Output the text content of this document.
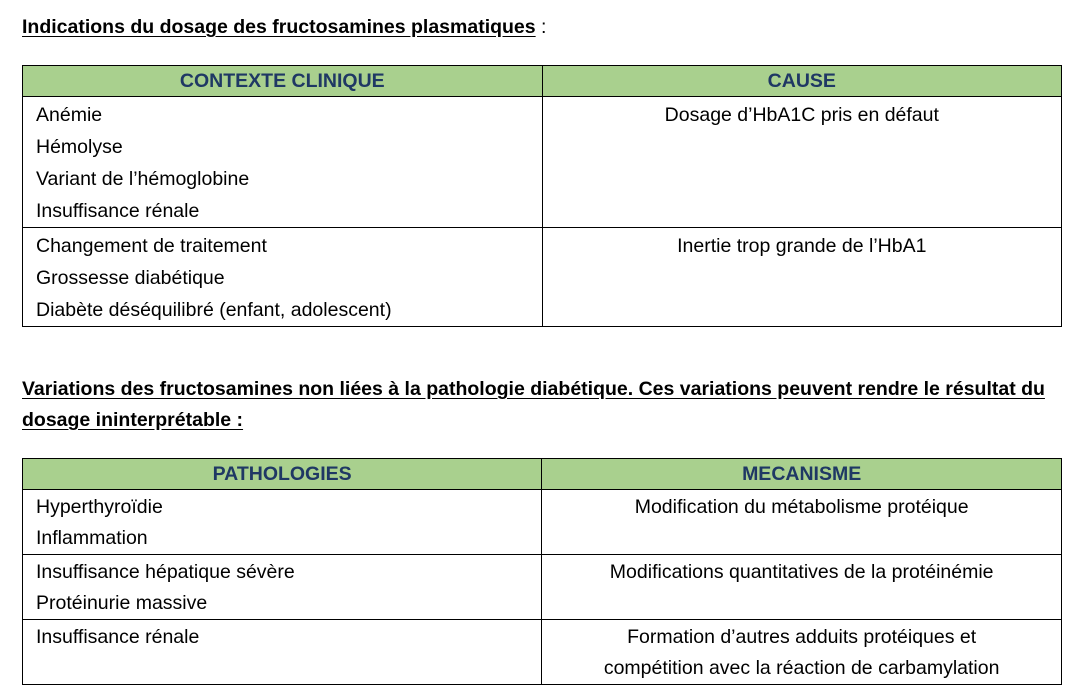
Indications du dosage des fructosamines plasmatiques :
CONTEXTE CLINIQUE	CAUSE

Anémie
Hémolyse
Variant de l’hémoglobine
Insuffisance rénale	Dosage d’HbA1C pris en défaut

Changement de traitement
Grossesse diabétique
Diabète déséquilibré (enfant, adolescent)	Inertie trop grande de l’HbA1
Variations des fructosamines non liées à la pathologie diabétique. Ces variations peuvent rendre le résultat du dosage ininterprétable :
PATHOLOGIES	MECANISME

Hyperthyroïdie
Inflammation	Modification du métabolisme protéique

Insuffisance hépatique sévère
Protéinurie massive	Modifications quantitatives de la protéinémie

Insuffisance rénale	Formation d’autres adduits protéiques et
compétition avec la réaction de carbamylation
